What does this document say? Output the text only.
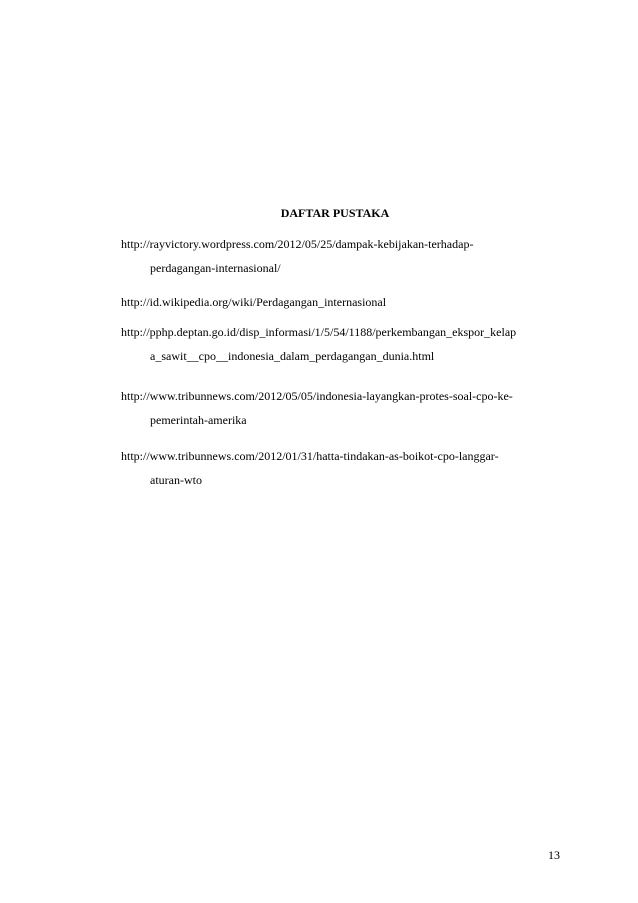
DAFTAR PUSTAKA
http://rayvictory.wordpress.com/2012/05/25/dampak-kebijakan-terhadap-
perdagangan-internasional/
http://id.wikipedia.org/wiki/Perdagangan_internasional
http://pphp.deptan.go.id/disp_informasi/1/5/54/1188/perkembangan_ekspor_kelap
a_sawit__cpo__indonesia_dalam_perdagangan_dunia.html
http://www.tribunnews.com/2012/05/05/indonesia-layangkan-protes-soal-cpo-ke-
pemerintah-amerika
http://www.tribunnews.com/2012/01/31/hatta-tindakan-as-boikot-cpo-langgar-
aturan-wto
13
